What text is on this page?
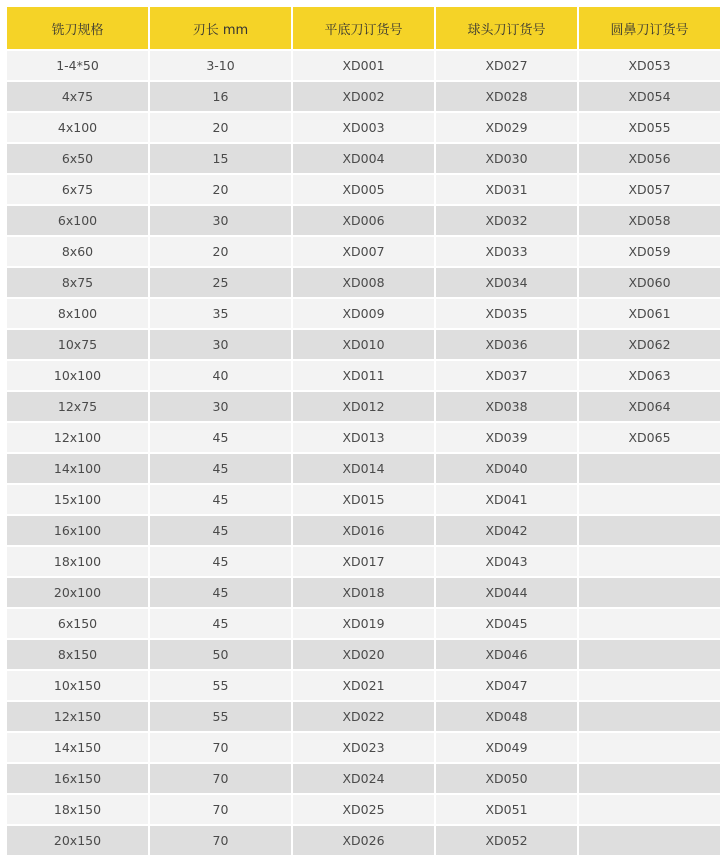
铣刀规格	刃长 mm	平底刀订货号	球头刀订货号	圆鼻刀订货号
1-4*50	3-10	XD001	XD027	XD053
4x75	16	XD002	XD028	XD054
4x100	20	XD003	XD029	XD055
6x50	15	XD004	XD030	XD056
6x75	20	XD005	XD031	XD057
6x100	30	XD006	XD032	XD058
8x60	20	XD007	XD033	XD059
8x75	25	XD008	XD034	XD060
8x100	35	XD009	XD035	XD061
10x75	30	XD010	XD036	XD062
10x100	40	XD011	XD037	XD063
12x75	30	XD012	XD038	XD064
12x100	45	XD013	XD039	XD065
14x100	45	XD014	XD040	
15x100	45	XD015	XD041	
16x100	45	XD016	XD042	
18x100	45	XD017	XD043	
20x100	45	XD018	XD044	
6x150	45	XD019	XD045	
8x150	50	XD020	XD046	
10x150	55	XD021	XD047	
12x150	55	XD022	XD048	
14x150	70	XD023	XD049	
16x150	70	XD024	XD050	
18x150	70	XD025	XD051	
20x150	70	XD026	XD052	
